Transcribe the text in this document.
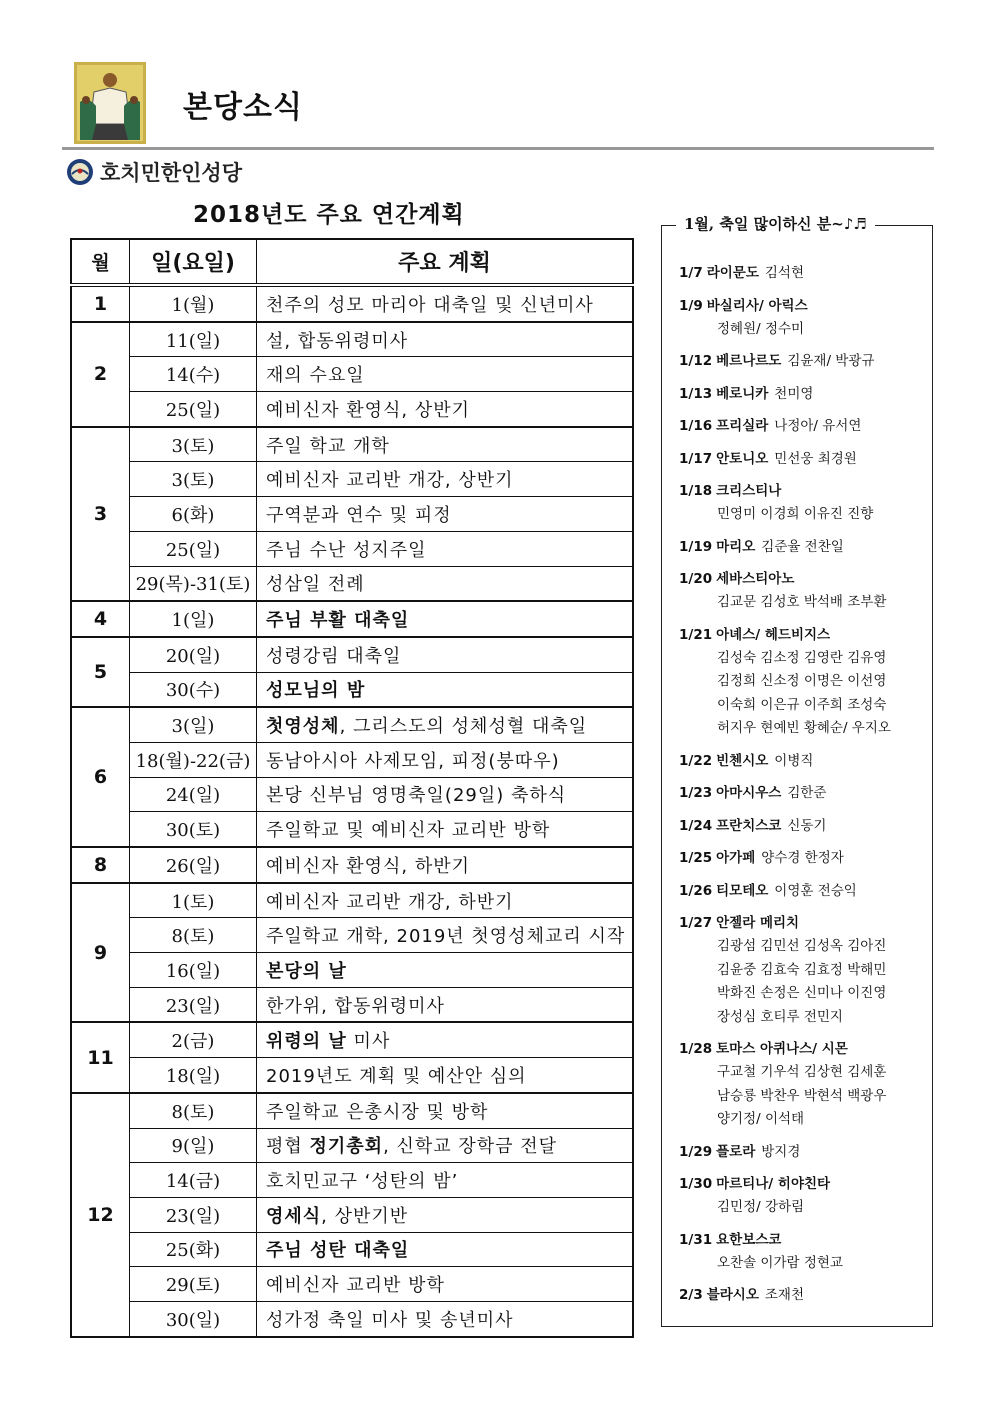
본당소식
호치민한인성당
2018년도 주요 연간계획
월	일(요일)	주요 계획
1	1(월)	천주의 성모 마리아 대축일 및 신년미사
2	11(일)	설, 합동위령미사
	14(수)	재의 수요일
	25(일)	예비신자 환영식, 상반기
3	3(토)	주일 학교 개학
	3(토)	예비신자 교리반 개강, 상반기
	6(화)	구역분과 연수 및 피정
	25(일)	주님 수난 성지주일
	29(목)-31(토)	성삼일 전례
4	1(일)	주님 부활 대축일
5	20(일)	성령강림 대축일
	30(수)	성모님의 밤
6	3(일)	첫영성체, 그리스도의 성체성혈 대축일
	18(월)-22(금)	동남아시아 사제모임, 피정(붕따우)
	24(일)	본당 신부님 영명축일(29일) 축하식
	30(토)	주일학교 및 예비신자 교리반 방학
8	26(일)	예비신자 환영식, 하반기
9	1(토)	예비신자 교리반 개강, 하반기
	8(토)	주일학교 개학, 2019년 첫영성체교리 시작
	16(일)	본당의 날
	23(일)	한가위, 합동위령미사
11	2(금)	위령의 날 미사
	18(일)	2019년도 계획 및 예산안 심의
12	8(토)	주일학교 은총시장 및 방학
	9(일)	평협 정기총회, 신학교 장학금 전달
	14(금)	호치민교구 ‘성탄의 밤’
	23(일)	영세식, 상반기반
	25(화)	주님 성탄 대축일
	29(토)	예비신자 교리반 방학
	30(일)	성가정 축일 미사 및 송년미사
1월, 축일 많이하신 분~♪♬
1/7 라이문도 김석현
1/9 바실리사/ 아릭스
정혜원/ 정수미
1/12 베르나르도 김윤재/ 박광규
1/13 베로니카 천미영
1/16 프리실라 나정아/ 유서연
1/17 안토니오 민선웅 최경원
1/18 크리스티나
민영미 이경희 이유진 진향
1/19 마리오 김준율 전찬일
1/20 세바스티아노
김교문 김성호 박석배 조부환
1/21 아녜스/ 헤드비지스
김성숙 김소정 김영란 김유영
김정희 신소정 이명은 이선영
이숙희 이은규 이주희 조성숙
허지우 현예빈 황혜순/ 우지오
1/22 빈첸시오 이병직
1/23 아마시우스 김한준
1/24 프란치스코 신동기
1/25 아가페 양수경 한정자
1/26 티모테오 이영훈 전승익
1/27 안젤라 메리치
김광섬 김민선 김성옥 김아진
김윤중 김효숙 김효정 박해민
박화진 손정은 신미나 이진영
장성심 호티루 전민지
1/28 토마스 아퀴나스/ 시몬
구교철 기우석 김상현 김세훈
남승룡 박찬우 박현석 백광우
양기정/ 이석태
1/29 플로라 방지경
1/30 마르티나/ 히야친타
김민정/ 강하림
1/31 요한보스코
오찬솔 이가람 정현교
2/3 블라시오 조재천
